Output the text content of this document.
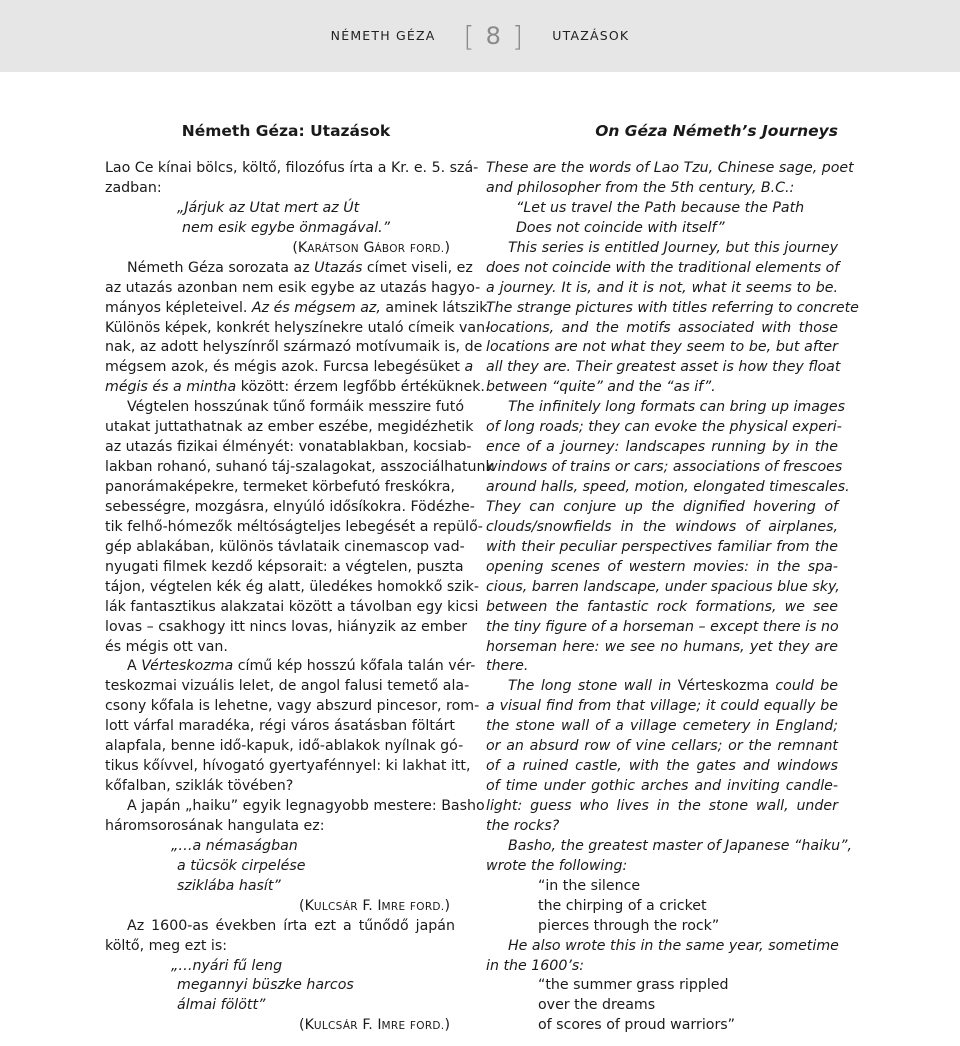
NÉMETH GÉZA [ 8 ] UTAZÁSOK
Németh Géza: Utazások
Lao Ce kínai bölcs, költő, filozófus írta a Kr. e. 5. szá-
zadban:
„Járjuk az Utat mert az Út
nem esik egybe önmagával.”
(KARÁTSON GÁBOR FORD.)
Németh Géza sorozata az Utazás címet viseli, ez
az utazás azonban nem esik egybe az utazás hagyo-
mányos képleteivel. Az és mégsem az, aminek látszik.
Különös képek, konkrét helyszínekre utaló címeik van-
nak, az adott helyszínről származó motívumaik is, de
mégsem azok, és mégis azok. Furcsa lebegésüket a
mégis és a mintha között: érzem legfőbb értéküknek.
Végtelen hosszúnak tűnő formáik messzire futó
utakat juttathatnak az ember eszébe, megidézhetik
az utazás fizikai élményét: vonatablakban, kocsiab-
lakban rohanó, suhanó táj-szalagokat, asszociálhatunk
panorámaképekre, termeket körbefutó freskókra,
sebességre, mozgásra, elnyúló idősíkokra. Födézhe-
tik felhő-hómezők méltóságteljes lebegését a repülő-
gép ablakában, különös távlataik cinemascop vad-
nyugati filmek kezdő képsorait: a végtelen, puszta
tájon, végtelen kék ég alatt, üledékes homokkő szik-
lák fantasztikus alakzatai között a távolban egy kicsi
lovas – csakhogy itt nincs lovas, hiányzik az ember
és mégis ott van.
A Vérteskozma című kép hosszú kőfala talán vér-
teskozmai vizuális lelet, de angol falusi temető ala-
csony kőfala is lehetne, vagy abszurd pincesor, rom-
lott várfal maradéka, régi város ásatásban föltárt
alapfala, benne idő-kapuk, idő-ablakok nyílnak gó-
tikus kőívvel, hívogató gyertyafénnyel: ki lakhat itt,
kőfalban, sziklák tövében?
A japán „haiku” egyik legnagyobb mestere: Basho
háromsorosának hangulata ez:
„…a némaságban
a tücsök cirpelése
sziklába hasít”
(KULCSÁR F. IMRE FORD.)
Az 1600-as években írta ezt a tűnődő japán
költő, meg ezt is:
„…nyári fű leng
megannyi büszke harcos
álmai fölött”
(KULCSÁR F. IMRE FORD.)
On Géza Németh’s Journeys
These are the words of Lao Tzu, Chinese sage, poet
and philosopher from the 5th century, B.C.:
“Let us travel the Path because the Path
Does not coincide with itself”
This series is entitled Journey, but this journey
does not coincide with the traditional elements of
a journey. It is, and it is not, what it seems to be.
The strange pictures with titles referring to concrete
locations, and the motifs associated with those
locations are not what they seem to be, but after
all they are. Their greatest asset is how they float
between “quite” and the “as if”.
The infinitely long formats can bring up images
of long roads; they can evoke the physical experi-
ence of a journey: landscapes running by in the
windows of trains or cars; associations of frescoes
around halls, speed, motion, elongated timescales.
They can conjure up the dignified hovering of
clouds/snowfields in the windows of airplanes,
with their peculiar perspectives familiar from the
opening scenes of western movies: in the spa-
cious, barren landscape, under spacious blue sky,
between the fantastic rock formations, we see
the tiny figure of a horseman – except there is no
horseman here: we see no humans, yet they are
there.
The long stone wall in Vérteskozma could be
a visual find from that village; it could equally be
the stone wall of a village cemetery in England;
or an absurd row of vine cellars; or the remnant
of a ruined castle, with the gates and windows
of time under gothic arches and inviting candle-
light: guess who lives in the stone wall, under
the rocks?
Basho, the greatest master of Japanese “haiku”,
wrote the following:
“in the silence
the chirping of a cricket
pierces through the rock”
He also wrote this in the same year, sometime
in the 1600’s:
“the summer grass rippled
over the dreams
of scores of proud warriors”
